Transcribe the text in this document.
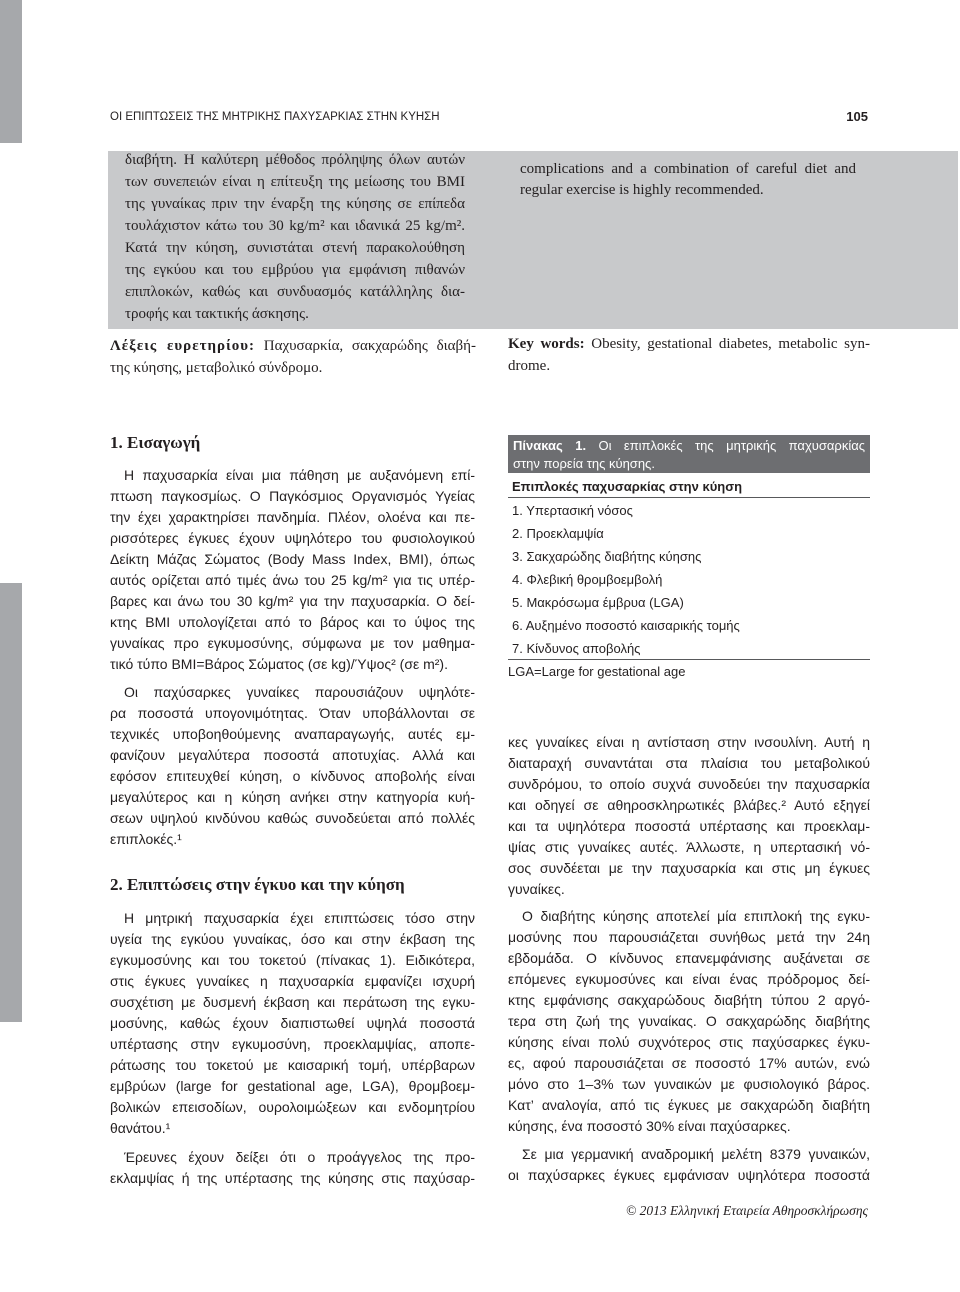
ΟΙ ΕΠΙΠΤΩΣΕΙΣ ΤΗΣ ΜΗΤΡΙΚΗΣ ΠΑΧΥΣΑΡΚΙΑΣ ΣΤΗΝ ΚΥΗΣΗ	105
διαβήτη. Η καλύτερη μέθοδος πρόληψης όλων αυτών
των συνεπειών είναι η επίτευξη της μείωσης του BMI
της γυναίκας πριν την έναρξη της κύησης σε επίπεδα
τουλάχιστον κάτω του 30 kg/m² και ιδανικά 25 kg/m².
Κατά την κύηση, συνιστάται στενή παρακολούθηση
της εγκύου και του εμβρύου για εμφάνιση πιθανών
επιπλοκών, καθώς και συνδυασμός κατάλληλης δια-
τροφής και τακτικής άσκησης.
complications and a combination of careful diet and
regular exercise is highly recommended.
Λέξεις ευρετηρίου: Παχυσαρκία, σακχαρώδης διαβή-
της κύησης, μεταβολικό σύνδρομο.
Key words: Obesity, gestational diabetes, metabolic syn-
drome.
1. Εισαγωγή
Η παχυσαρκία είναι μια πάθηση με αυξανόμενη επί-
πτωση παγκοσμίως. Ο Παγκόσμιος Οργανισμός Υγείας
την έχει χαρακτηρίσει πανδημία. Πλέον, ολοένα και πε-
ρισσότερες έγκυες έχουν υψηλότερο του φυσιολογικού
Δείκτη Μάζας Σώματος (Body Mass Index, BMI), όπως
αυτός ορίζεται από τιμές άνω του 25 kg/m² για τις υπέρ-
βαρες και άνω του 30 kg/m² για την παχυσαρκία. Ο δεί-
κτης BMI υπολογίζεται από το βάρος και το ύψος της
γυναίκας προ εγκυμοσύνης, σύμφωνα με τον μαθημα-
τικό τύπο BMI=Βάρος Σώματος (σε kg)/Ύψος² (σε m²).
Οι παχύσαρκες γυναίκες παρουσιάζουν υψηλότε-
ρα ποσοστά υπογονιμότητας. Όταν υποβάλλονται σε
τεχνικές υποβοηθούμενης αναπαραγωγής, αυτές εμ-
φανίζουν μεγαλύτερα ποσοστά αποτυχίας. Αλλά και
εφόσον επιτευχθεί κύηση, ο κίνδυνος αποβολής είναι
μεγαλύτερος και η κύηση ανήκει στην κατηγορία κυή-
σεων υψηλού κινδύνου καθώς συνοδεύεται από πολλές
επιπλοκές.¹
2. Επιπτώσεις στην έγκυο και την κύηση
Η μητρική παχυσαρκία έχει επιπτώσεις τόσο στην
υγεία της εγκύου γυναίκας, όσο και στην έκβαση της
εγκυμοσύνης και του τοκετού (πίνακας 1). Ειδικότερα,
στις έγκυες γυναίκες η παχυσαρκία εμφανίζει ισχυρή
συσχέτιση με δυσμενή έκβαση και περάτωση της εγκυ-
μοσύνης, καθώς έχουν διαπιστωθεί υψηλά ποσοστά
υπέρτασης στην εγκυμοσύνη, προεκλαμψίας, αποπε-
ράτωσης του τοκετού με καισαρική τομή, υπέρβαρων
εμβρύων (large for gestational age, LGA), θρομβοεμ-
βολικών επεισοδίων, ουρολοιμώξεων και ενδομητρίου
θανάτου.¹
Έρευνες έχουν δείξει ότι ο προάγγελος της προ-
εκλαμψίας ή της υπέρτασης της κύησης στις παχύσαρ-
Πίνακας 1. Οι επιπλοκές της μητρικής παχυσαρκίας
στην πορεία της κύησης.
Επιπλοκές παχυσαρκίας στην κύηση
1. Υπερτασική νόσος
2. Προεκλαμψία
3. Σακχαρώδης διαβήτης κύησης
4. Φλεβική θρομβοεμβολή
5. Μακρόσωμα έμβρυα (LGA)
6. Αυξημένο ποσοστό καισαρικής τομής
7. Κίνδυνος αποβολής
LGA=Large for gestational age
κες γυναίκες είναι η αντίσταση στην ινσουλίνη. Αυτή η
διαταραχή συναντάται στα πλαίσια του μεταβολικού
συνδρόμου, το οποίο συχνά συνοδεύει την παχυσαρκία
και οδηγεί σε αθηροσκληρωτικές βλάβες.² Αυτό εξηγεί
και τα υψηλότερα ποσοστά υπέρτασης και προεκλαμ-
ψίας στις γυναίκες αυτές. Άλλωστε, η υπερτασική νό-
σος συνδέεται με την παχυσαρκία και στις μη έγκυες
γυναίκες.
Ο διαβήτης κύησης αποτελεί μία επιπλοκή της εγκυ-
μοσύνης που παρουσιάζεται συνήθως μετά την 24η
εβδομάδα. Ο κίνδυνος επανεμφάνισης αυξάνεται σε
επόμενες εγκυμοσύνες και είναι ένας πρόδρομος δεί-
κτης εμφάνισης σακχαρώδους διαβήτη τύπου 2 αργό-
τερα στη ζωή της γυναίκας. Ο σακχαρώδης διαβήτης
κύησης είναι πολύ συχνότερος στις παχύσαρκες έγκυ-
ες, αφού παρουσιάζεται σε ποσοστό 17% αυτών, ενώ
μόνο στο 1–3% των γυναικών με φυσιολογικό βάρος.
Κατ’ αναλογία, από τις έγκυες με σακχαρώδη διαβήτη
κύησης, ένα ποσοστό 30% είναι παχύσαρκες.
Σε μια γερμανική αναδρομική μελέτη 8379 γυναικών,
οι παχύσαρκες έγκυες εμφάνισαν υψηλότερα ποσοστά
© 2013 Ελληνική Εταιρεία Αθηροσκλήρωσης
